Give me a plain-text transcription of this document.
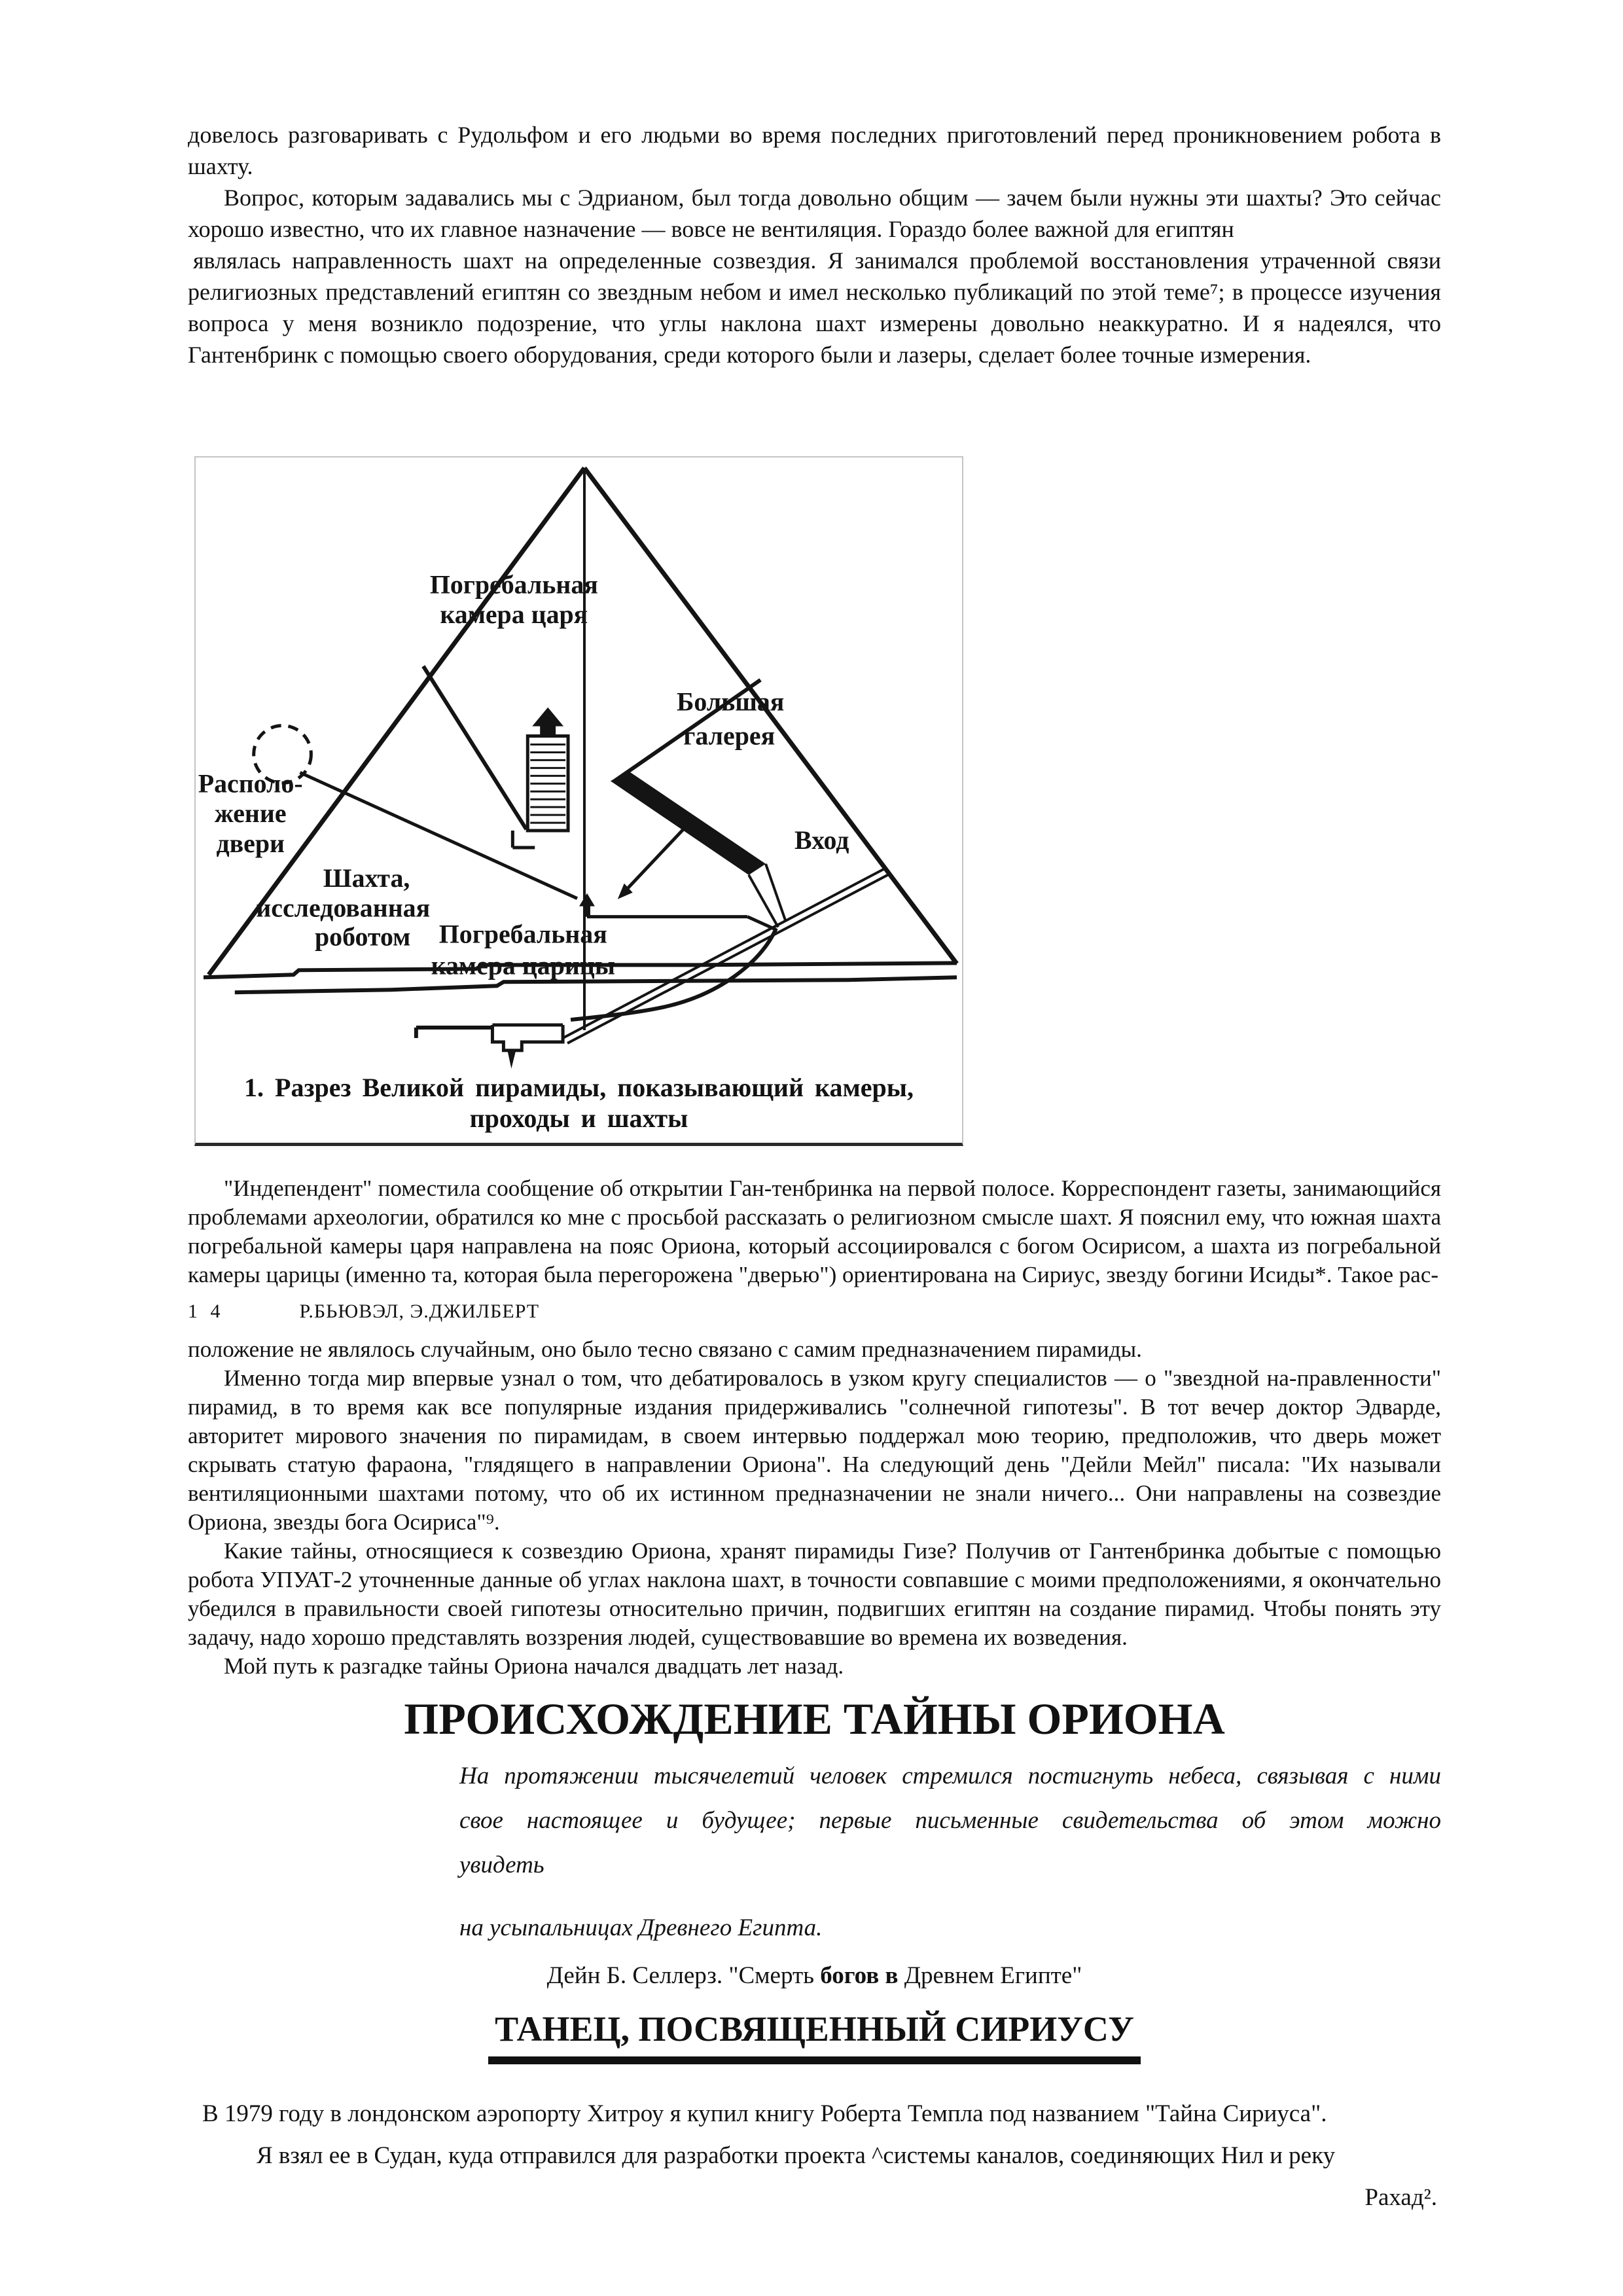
довелось разговаривать с Рудольфом и его людьми во время последних приготовлений перед проникновением робота в шахту.

Вопрос, которым задавались мы с Эдрианом, был тогда довольно общим — зачем были нужны эти шахты? Это сейчас хорошо известно, что их главное назначение — вовсе не вентиляция. Гораздо более важной для египтян

являлась направленность шахт на определенные созвездия. Я занимался проблемой восстановления утраченной связи религиозных представлений египтян со звездным небом и имел несколько публикаций по этой теме⁷; в процессе изучения вопроса у меня возникло подозрение, что углы наклона шахт измерены довольно неаккуратно. И я надеялся, что Гантенбринк с помощью своего оборудования, среди которого были и лазеры, сделает более точные измерения.

Погребальная
камера царя
Располо-
жение
двери
Большая
галерея
Шахта,
исследованная
роботом Погребальная
камера царицы
Вход
1. Разрез Великой пирамиды, показывающий камеры,
проходы и шахты

"Индепендент" поместила сообщение об открытии Ган-тенбринка на первой полосе. Корреспондент газеты, занимающийся проблемами археологии, обратился ко мне с просьбой рассказать о религиозном смысле шахт. Я пояснил ему, что южная шахта погребальной камеры царя направлена на пояс Ориона, который ассоциировался с богом Осирисом, а шахта из погребальной камеры царицы (именно та, которая была перегорожена "дверью") ориентирована на Сириус, звезду богини Исиды*. Такое рас-

1 4	Р.БЬЮВЭЛ, Э.ДЖИЛБЕРТ

положение не являлось случайным, оно было тесно связано с самим предназначением пирамиды.

Именно тогда мир впервые узнал о том, что дебатировалось в узком кругу специалистов — о "звездной на-правленности" пирамид, в то время как все популярные издания придерживались "солнечной гипотезы". В тот вечер доктор Эдварде, авторитет мирового значения по пирамидам, в своем интервью поддержал мою теорию, предположив, что дверь может скрывать статую фараона, "глядящего в направлении Ориона". На следующий день "Дейли Мейл" писала: "Их называли вентиляционными шахтами потому, что об их истинном предназначении не знали ничего... Они направлены на созвездие Ориона, звезды бога Осириса"⁹.

Какие тайны, относящиеся к созвездию Ориона, хранят пирамиды Гизе? Получив от Гантенбринка добытые с помощью робота УПУАТ-2 уточненные данные об углах наклона шахт, в точности совпавшие с моими предположениями, я окончательно убедился в правильности своей гипотезы относительно причин, подвигших египтян на создание пирамид. Чтобы понять эту задачу, надо хорошо представлять воззрения людей, существовавшие во времена их возведения.

Мой путь к разгадке тайны Ориона начался двадцать лет назад.

ПРОИСХОЖДЕНИЕ ТАЙНЫ ОРИОНА
На протяжении тысячелетий человек стремился постигнуть небеса, связывая с ними
свое настоящее и будущее; первые письменные свидетельства об этом можно
увидеть
на усыпальницах Древнего Египта.
Дейн Б. Селлерз. "Смерть богов в Древнем Египте"
ТАНЕЦ, ПОСВЯЩЕННЫЙ СИРИУСУ
В 1979 году в лондонском аэропорту Хитроу я купил книгу Роберта Темпла под названием "Тайна Сириуса".
Я взял ее в Судан, куда отправился для разработки проекта ^системы каналов, соединяющих Нил и реку
Рахад².
